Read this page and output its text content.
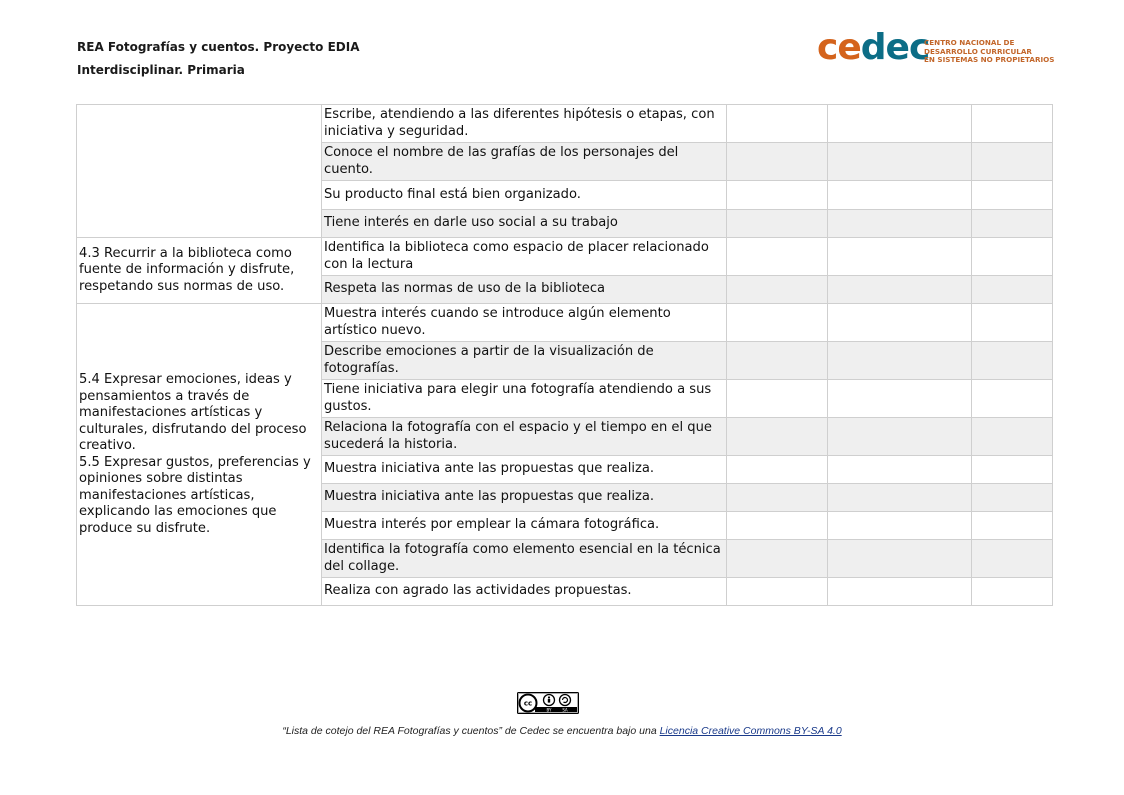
REA Fotografías y cuentos. Proyecto EDIA
Interdisciplinar. Primaria
cedec
CENTRO NACIONAL DE
DESARROLLO CURRICULAR
EN SISTEMAS NO PROPIETARIOS
	Escribe, atendiendo a las diferentes hipótesis o etapas, con iniciativa y seguridad.			
	Conoce el nombre de las grafías de los personajes del cuento.			
	Su producto final está bien organizado.			
	Tiene interés en darle uso social a su trabajo			
4.3 Recurrir a la biblioteca como fuente de información y disfrute, respetando sus normas de uso.	Identifica la biblioteca como espacio de placer relacionado con la lectura			
	Respeta las normas de uso de la biblioteca			

5.4 Expresar emociones, ideas y pensamientos a través de manifestaciones artísticas y culturales, disfrutando del proceso creativo.
5.5 Expresar gustos, preferencias y opiniones sobre distintas manifestaciones artísticas, explicando las emociones que produce su disfrute.	Muestra interés cuando se introduce algún elemento artístico nuevo.			
	Describe emociones a partir de la visualización de fotografías.			
	Tiene iniciativa para elegir una fotografía atendiendo a sus gustos.			
	Relaciona la fotografía con el espacio y el tiempo en el que sucederá la historia.			
	Muestra iniciativa ante las propuestas que realiza.			
	Muestra iniciativa ante las propuestas que realiza.			
	Muestra interés por emplear la cámara fotográfica.			
	Identifica la fotografía como elemento esencial en la técnica del collage.			
	Realiza con agrado las actividades propuestas.			
cc
BY	SA
“Lista de cotejo del REA Fotografías y cuentos” de Cedec se encuentra bajo una Licencia Creative Commons BY-SA 4.0
